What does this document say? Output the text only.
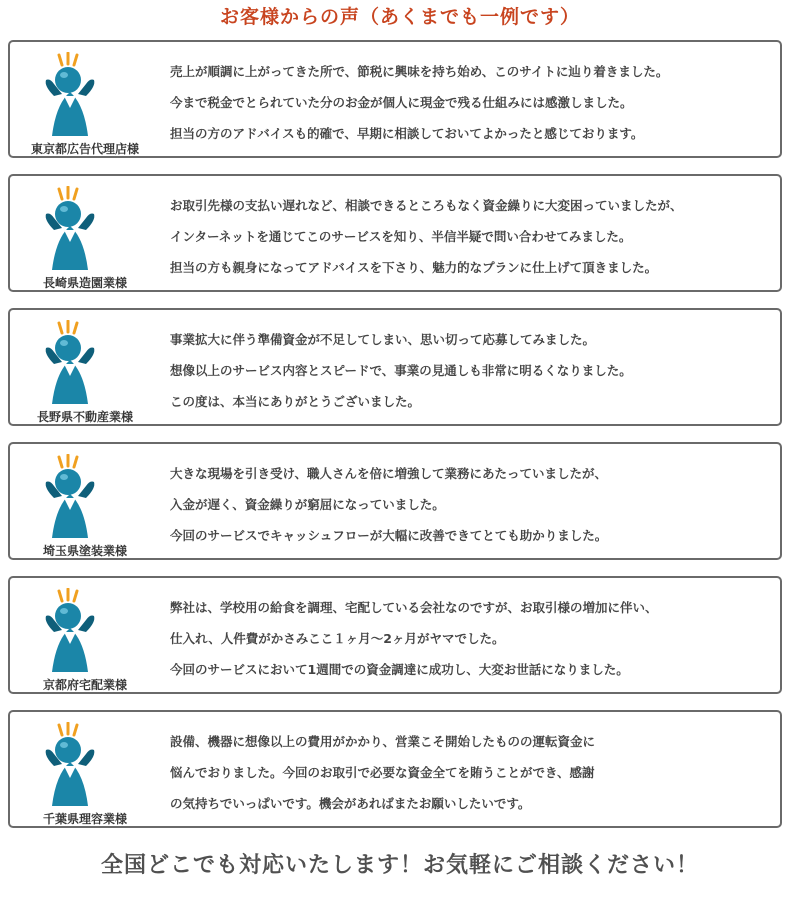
お客様からの声（あくまでも一例です）
東京都広告代理店様
売上が順調に上がってきた所で、節税に興味を持ち始め、このサイトに辿り着きました。
今まで税金でとられていた分のお金が個人に現金で残る仕組みには感激しました。
担当の方のアドバイスも的確で、早期に相談しておいてよかったと感じております。
長崎県造園業様
お取引先様の支払い遅れなど、相談できるところもなく資金繰りに大変困っていましたが、
インターネットを通じてこのサービスを知り、半信半疑で問い合わせてみました。
担当の方も親身になってアドバイスを下さり、魅力的なプランに仕上げて頂きました。
長野県不動産業様
事業拡大に伴う準備資金が不足してしまい、思い切って応募してみました。
想像以上のサービス内容とスピードで、事業の見通しも非常に明るくなりました。
この度は、本当にありがとうございました。
埼玉県塗装業様
大きな現場を引き受け、職人さんを倍に増強して業務にあたっていましたが、
入金が遅く、資金繰りが窮屈になっていました。
今回のサービスでキャッシュフローが大幅に改善できてとても助かりました。
京都府宅配業様
弊社は、学校用の給食を調理、宅配している会社なのですが、お取引様の増加に伴い、
仕入れ、人件費がかさみここ１ヶ月～2ヶ月がヤマでした。
今回のサービスにおいて1週間での資金調達に成功し、大変お世話になりました。
千葉県理容業様
設備、機器に想像以上の費用がかかり、営業こそ開始したものの運転資金に
悩んでおりました。今回のお取引で必要な資金全てを賄うことができ、感謝
の気持ちでいっぱいです。機会があればまたお願いしたいです。
全国どこでも対応いたします！お気軽にご相談ください！
